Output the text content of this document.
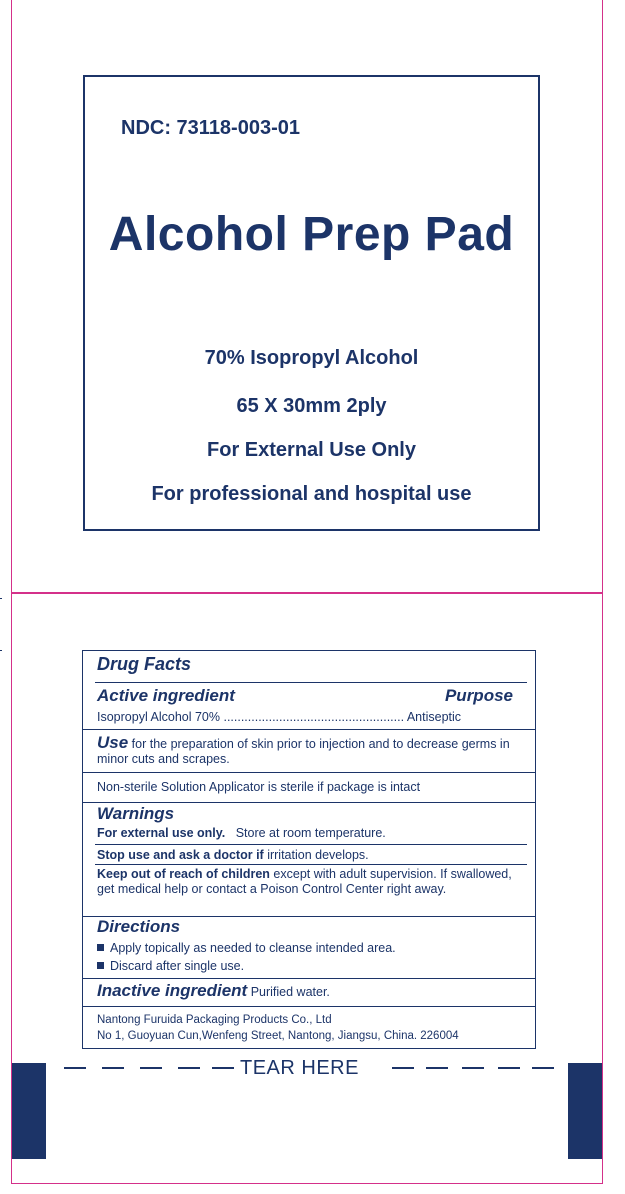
NDC: 73118-003-01
Alcohol Prep Pad
70% Isopropyl Alcohol
65 X 30mm 2ply
For External Use Only
For professional and hospital use
Drug Facts
Active ingredient	Purpose
Isopropyl Alcohol 70% .................................................... Antiseptic
Use for the preparation of skin prior to injection and to decrease germs in minor cuts and scrapes.
Non-sterile Solution Applicator is sterile if package is intact
Warnings
For external use only. Store at room temperature.
Stop use and ask a doctor if irritation develops.
Keep out of reach of children except with adult supervision. If swallowed, get medical help or contact a Poison Control Center right away.
Directions
Apply topically as needed to cleanse intended area.
Discard after single use.
Inactive ingredient Purified water.
Nantong Furuida Packaging Products Co., Ltd
No 1, Guoyuan Cun,Wenfeng Street, Nantong, Jiangsu, China. 226004
TEAR HERE
